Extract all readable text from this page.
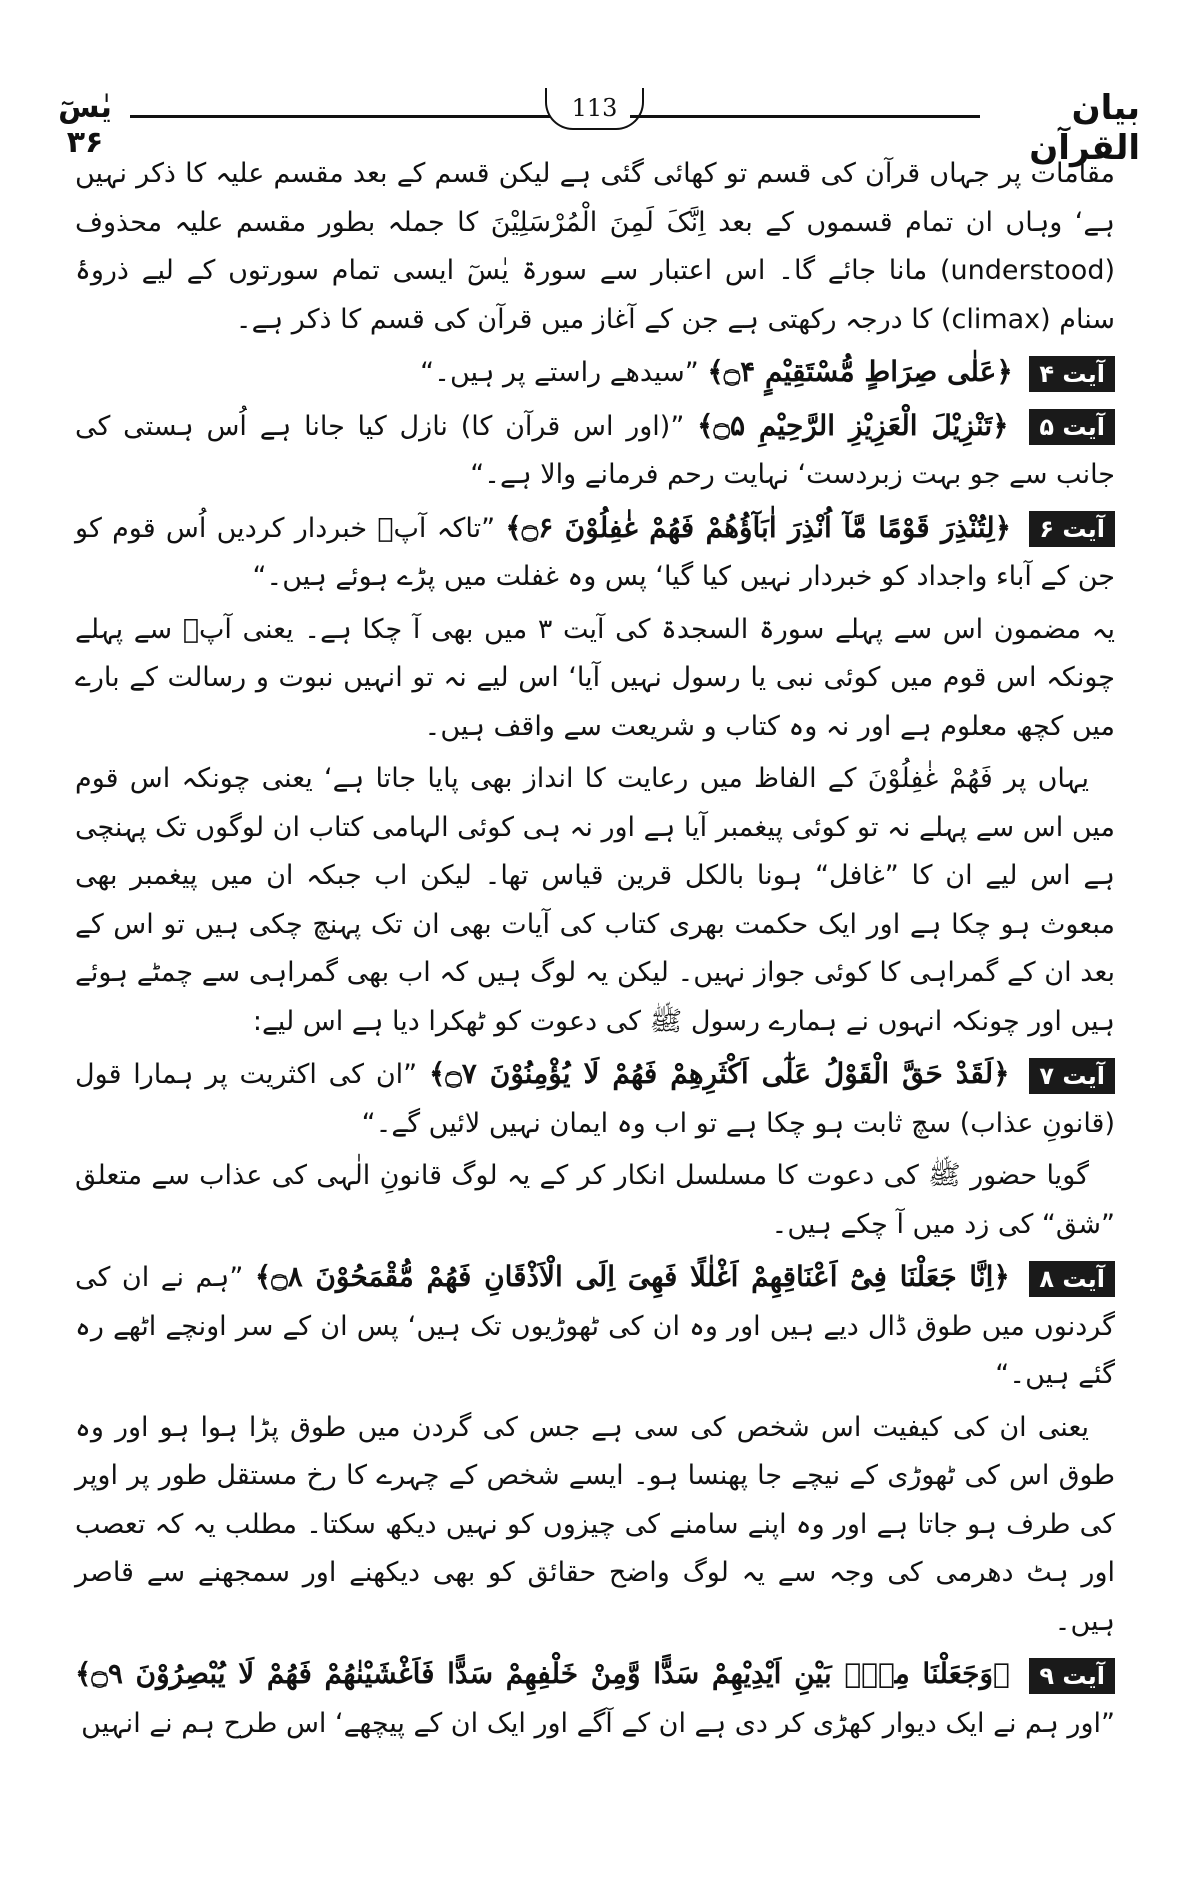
یٰسٓ ۳۶
113	بیان القرآن

مقامات پر جہاں قرآن کی قسم تو کھائی گئی ہے لیکن قسم کے بعد مقسم علیہ کا ذکر نہیں ہے‘ وہاں ان تمام قسموں کے بعد اِنَّکَ لَمِنَ الْمُرْسَلِیْنَ کا جملہ بطور مقسم علیہ محذوف (understood) مانا جائے گا۔ اس اعتبار سے سورۃ یٰسٓ ایسی تمام سورتوں کے لیے ذروۂ سنام (climax) کا درجہ رکھتی ہے جن کے آغاز میں قرآن کی قسم کا ذکر ہے۔

آیت ۴ ﴿عَلٰی صِرَاطٍ مُّسْتَقِیْمٍ ۝۴﴾ ”سیدھے راستے پر ہیں۔“

آیت ۵ ﴿تَنْزِیْلَ الْعَزِیْزِ الرَّحِیْمِ ۝۵﴾ ”(اور اس قرآن کا) نازل کیا جانا ہے اُس ہستی کی جانب سے جو بہت زبردست‘ نہایت رحم فرمانے والا ہے۔“

آیت ۶ ﴿لِتُنْذِرَ قَوْمًا مَّآ اُنْذِرَ اٰبَآؤُھُمْ فَھُمْ غٰفِلُوْنَ ۝۶﴾ ”تاکہ آپؐ خبردار کردیں اُس قوم کو جن کے آباء واجداد کو خبردار نہیں کیا گیا‘ پس وہ غفلت میں پڑے ہوئے ہیں۔“

یہ مضمون اس سے پہلے سورۃ السجدۃ کی آیت ۳ میں بھی آ چکا ہے۔ یعنی آپؐ سے پہلے چونکہ اس قوم میں کوئی نبی یا رسول نہیں آیا‘ اس لیے نہ تو انہیں نبوت و رسالت کے بارے میں کچھ معلوم ہے اور نہ وہ کتاب و شریعت سے واقف ہیں۔

یہاں پر فَھُمْ غٰفِلُوْنَ کے الفاظ میں رعایت کا انداز بھی پایا جاتا ہے‘ یعنی چونکہ اس قوم میں اس سے پہلے نہ تو کوئی پیغمبر آیا ہے اور نہ ہی کوئی الہامی کتاب ان لوگوں تک پہنچی ہے اس لیے ان کا ”غافل“ ہونا بالکل قرین قیاس تھا۔ لیکن اب جبکہ ان میں پیغمبر بھی مبعوث ہو چکا ہے اور ایک حکمت بھری کتاب کی آیات بھی ان تک پہنچ چکی ہیں تو اس کے بعد ان کے گمراہی کا کوئی جواز نہیں۔ لیکن یہ لوگ ہیں کہ اب بھی گمراہی سے چمٹے ہوئے ہیں اور چونکہ انہوں نے ہمارے رسول ﷺ کی دعوت کو ٹھکرا دیا ہے اس لیے:

آیت ۷ ﴿لَقَدْ حَقَّ الْقَوْلُ عَلٰٓی اَکْثَرِھِمْ فَھُمْ لَا یُؤْمِنُوْنَ ۝۷﴾ ”ان کی اکثریت پر ہمارا قول (قانونِ عذاب) سچ ثابت ہو چکا ہے تو اب وہ ایمان نہیں لائیں گے۔“

گویا حضور ﷺ کی دعوت کا مسلسل انکار کر کے یہ لوگ قانونِ الٰہی کی عذاب سے متعلق ”شق“ کی زد میں آ چکے ہیں۔

آیت ۸ ﴿اِنَّا جَعَلْنَا فِیْٓ اَعْنَاقِھِمْ اَغْلٰلًا فَھِیَ اِلَی الْاَذْقَانِ فَھُمْ مُّقْمَحُوْنَ ۝۸﴾ ”ہم نے ان کی گردنوں میں طوق ڈال دیے ہیں اور وہ ان کی ٹھوڑیوں تک ہیں‘ پس ان کے سر اونچے اٹھے رہ گئے ہیں۔“

یعنی ان کی کیفیت اس شخص کی سی ہے جس کی گردن میں طوق پڑا ہوا ہو اور وہ طوق اس کی ٹھوڑی کے نیچے جا پھنسا ہو۔ ایسے شخص کے چہرے کا رخ مستقل طور پر اوپر کی طرف ہو جاتا ہے اور وہ اپنے سامنے کی چیزوں کو نہیں دیکھ سکتا۔ مطلب یہ کہ تعصب اور ہٹ دھرمی کی وجہ سے یہ لوگ واضح حقائق کو بھی دیکھنے اور سمجھنے سے قاصر ہیں۔

آیت ۹ ﴿وَجَعَلْنَا مِنْۢ بَیْنِ اَیْدِیْھِمْ سَدًّا وَّمِنْ خَلْفِھِمْ سَدًّا فَاَغْشَیْنٰھُمْ فَھُمْ لَا یُبْصِرُوْنَ ۝۹﴾ ”اور ہم نے ایک دیوار کھڑی کر دی ہے ان کے آگے اور ایک ان کے پیچھے‘ اس طرح ہم نے انہیں
